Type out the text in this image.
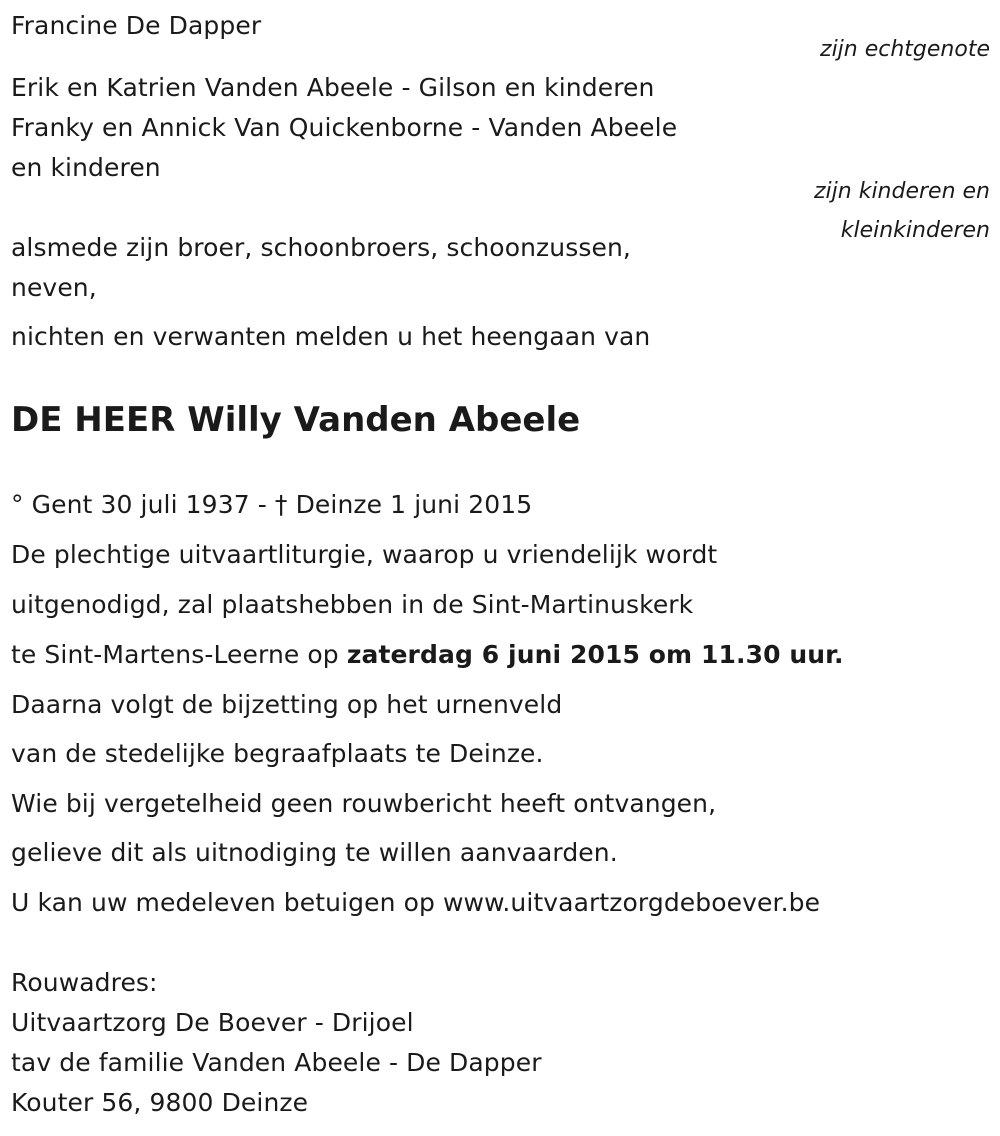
Francine De Dapper
zijn echtgenote
Erik en Katrien Vanden Abeele - Gilson en kinderen
Franky en Annick Van Quickenborne - Vanden Abeele
en kinderen
zijn kinderen en
kleinkinderen
alsmede zijn broer, schoonbroers, schoonzussen,
neven,
nichten en verwanten melden u het heengaan van
DE HEER Willy Vanden Abeele
° Gent 30 juli 1937 - † Deinze 1 juni 2015
De plechtige uitvaartliturgie, waarop u vriendelijk wordt
uitgenodigd, zal plaatshebben in de Sint-Martinuskerk
te Sint-Martens-Leerne op zaterdag 6 juni 2015 om 11.30 uur.
Daarna volgt de bijzetting op het urnenveld
van de stedelijke begraafplaats te Deinze.
Wie bij vergetelheid geen rouwbericht heeft ontvangen,
gelieve dit als uitnodiging te willen aanvaarden.
U kan uw medeleven betuigen op www.uitvaartzorgdeboever.be
Rouwadres:
Uitvaartzorg De Boever - Drijoel
tav de familie Vanden Abeele - De Dapper
Kouter 56, 9800 Deinze
